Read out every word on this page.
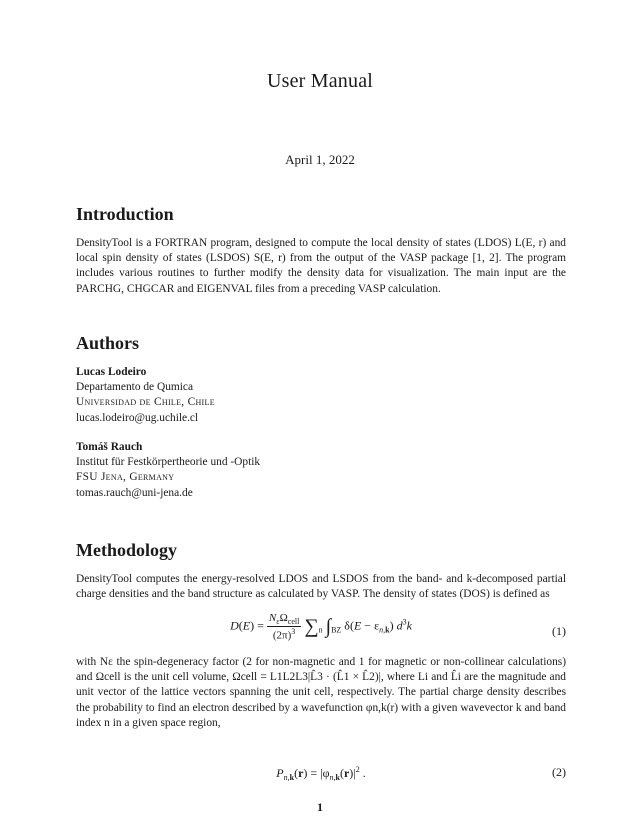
User Manual
April 1, 2022
Introduction

DensityTool is a FORTRAN program, designed to compute the local density of states (LDOS) L(E, r) and local spin density of states (LSDOS) S(E, r) from the output of the VASP package [1, 2]. The program includes various routines to further modify the density data for visualization. The main input are the PARCHG, CHGCAR and EIGENVAL files from a preceding VASP calculation.

Authors
Lucas Lodeiro
Departamento de Qumica
Universidad de Chile, Chile
lucas.lodeiro@ug.uchile.cl
Tomáš Rauch
Institut für Festkörpertheorie und -Optik
FSU Jena, Germany
tomas.rauch@uni-jena.de
Methodology

DensityTool computes the energy-resolved LDOS and LSDOS from the band- and k-decomposed partial charge densities and the band structure as calculated by VASP. The density of states (DOS) is defined as

$D(E) = \frac{N_\varepsilon\Omega_{cell}}{(2\pi)^3} \sum_n$ $\int_{BZ}$ $\delta(E - \varepsilon_{n,k})$ $d^3k$	(1)

with Nε the spin-degeneracy factor (2 for non-magnetic and 1 for magnetic or non-collinear calculations) and Ωcell is the unit cell volume, Ωcell = L1L2L3|L̂3 · (L̂1 × L̂2)|, where Li and L̂i are the magnitude and unit vector of the lattice vectors spanning the unit cell, respectively. The partial charge density describes the probability to find an electron described by a wavefunction φn,k(r) with a given wavevector k and band index n in a given space region,

$P_{n,k}(r) = |\varphi_{n,k}(r)|^2$ .	(2)
1
